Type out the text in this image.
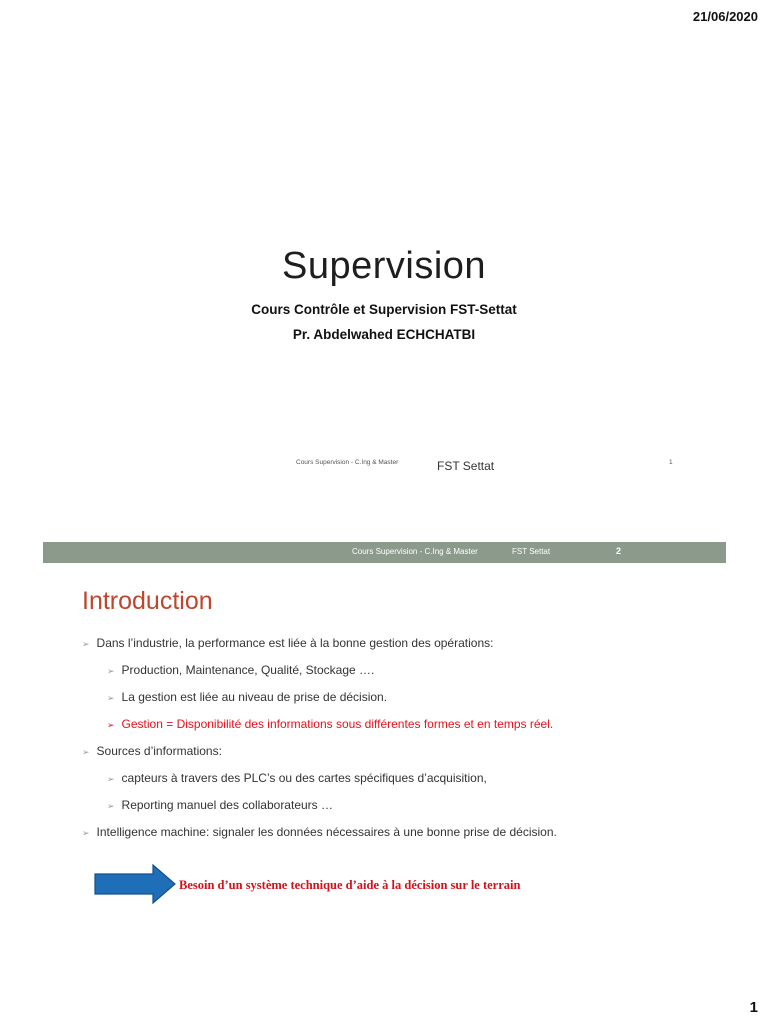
21/06/2020
Supervision
Cours Contrôle et Supervision FST-Settat
Pr. Abdelwahed ECHCHATBI
Cours Supervision - C.Ing & Master	FST Settat	1
Cours Supervision - C.Ing & Master	FST Settat	2
Introduction
➢ Dans l’industrie, la performance est liée à la bonne gestion des opérations:
➢ Production, Maintenance, Qualité, Stockage ….
➢ La gestion est liée au niveau de prise de décision.
➢ Gestion = Disponibilité des informations sous différentes formes et en temps réel.
➢ Sources d’informations:
➢ capteurs à travers des PLC’s ou des cartes spécifiques d’acquisition,
➢ Reporting manuel des collaborateurs …
➢ Intelligence machine: signaler les données nécessaires à une bonne prise de décision.
Besoin d’un système technique d’aide à la décision sur le terrain
1
